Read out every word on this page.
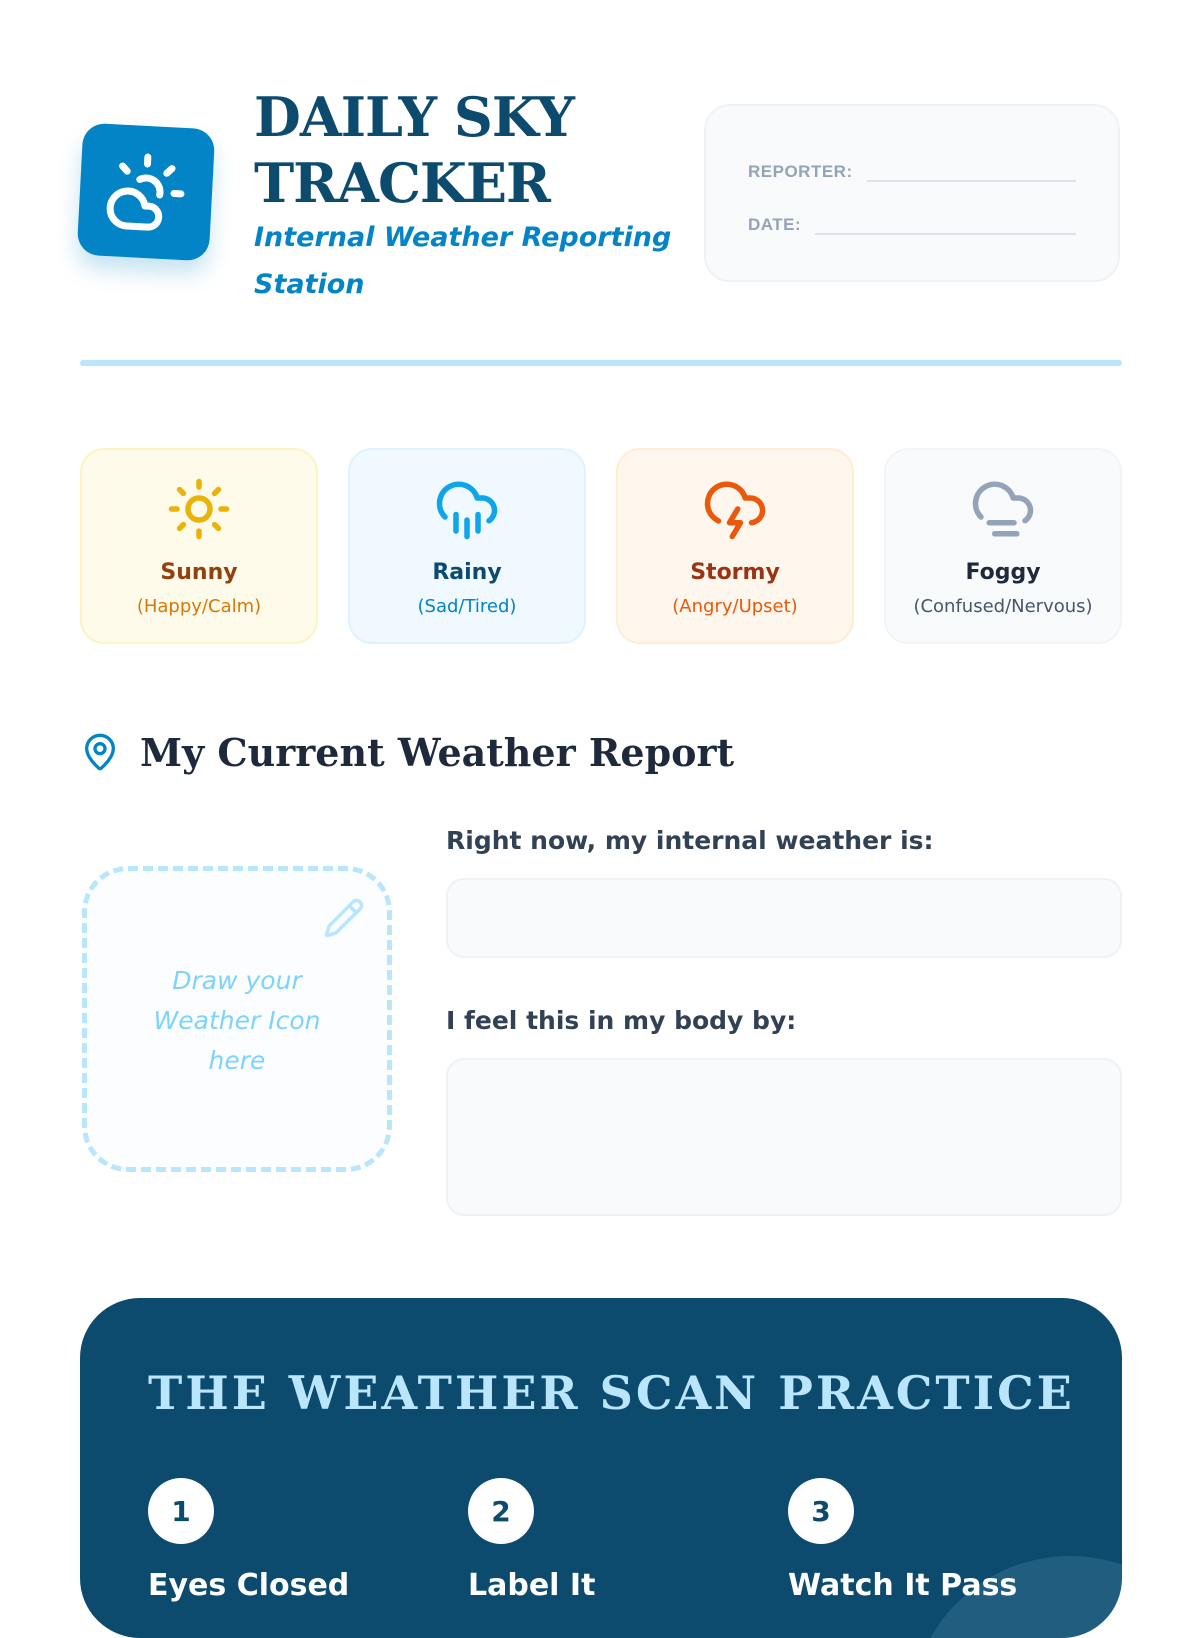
DAILY SKY TRACKER
Internal Weather Reporting Station
REPORTER:
DATE:
Sunny
(Happy/Calm)
Rainy
(Sad/Tired)
Stormy
(Angry/Upset)
Foggy
(Confused/Nervous)
My Current Weather Report
Draw your Weather Icon here
Right now, my internal weather is:
I feel this in my body by:
THE WEATHER SCAN PRACTICE
1
Eyes Closed
2
Label It
3
Watch It Pass
